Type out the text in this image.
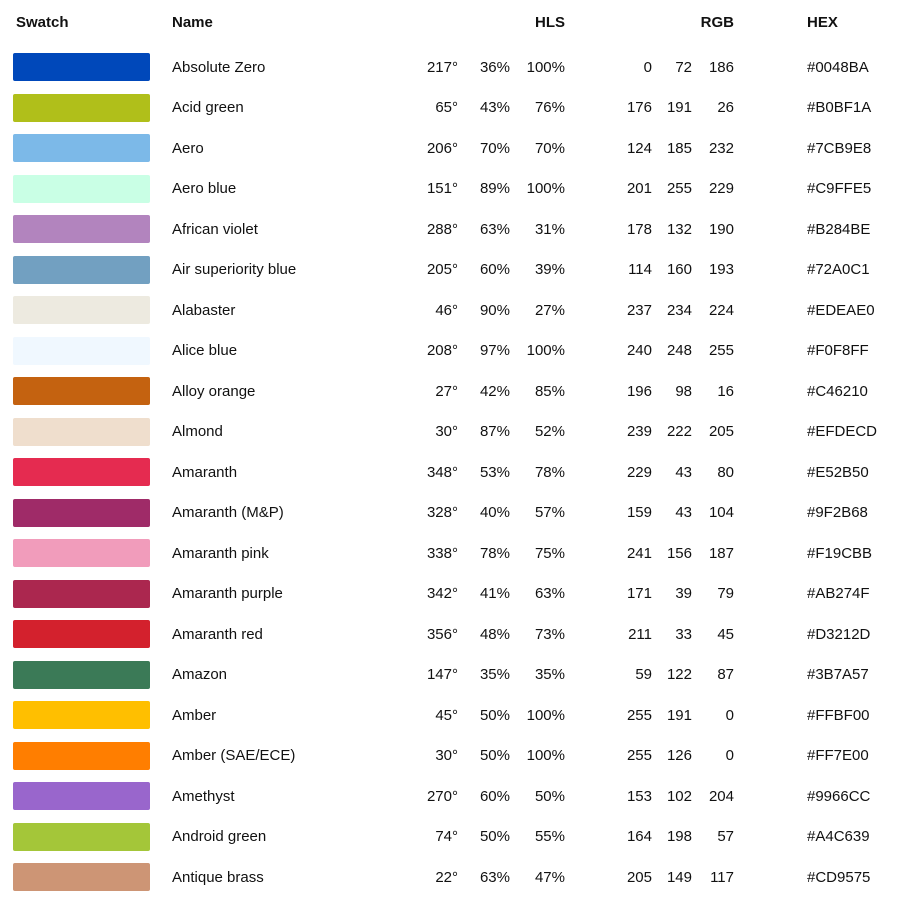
Swatch	Name	HLS	RGB	HEX
Absolute Zero	217°	36%	100%	0	72	186	#0048BA
Acid green	65°	43%	76%	176 191	26	#B0BF1A
Aero	206°	70%	70%	124 185	232	#7CB9E8
Aero blue	151°	89%	100%	201 255	229	#C9FFE5
African violet	288°	63%	31%	178 132	190	#B284BE
Air superiority blue	205°	60%	39%	114 160	193	#72A0C1
Alabaster	46°	90%	27%	237 234	224	#EDEAE0
Alice blue	208°	97%	100%	240 248	255	#F0F8FF
Alloy orange	27°	42%	85%	196	98	16	#C46210
Almond	30°	87%	52%	239 222	205	#EFDECD
Amaranth	348°	53%	78%	229	43	80	#E52B50
Amaranth (M&P)	328°	40%	57%	159	43	104	#9F2B68
Amaranth pink	338°	78%	75%	241 156	187	#F19CBB
Amaranth purple	342°	41%	63%	171	39	79	#AB274F
Amaranth red	356°	48%	73%	211	33	45	#D3212D
Amazon	147°	35%	35%	59 122	87	#3B7A57
Amber	45°	50%	100%	255 191	0	#FFBF00
Amber (SAE/ECE)	30°	50%	100%	255 126	0	#FF7E00
Amethyst	270°	60%	50%	153 102	204	#9966CC
Android green	74°	50%	55%	164 198	57	#A4C639
Antique brass	22°	63%	47%	205 149	117	#CD9575
